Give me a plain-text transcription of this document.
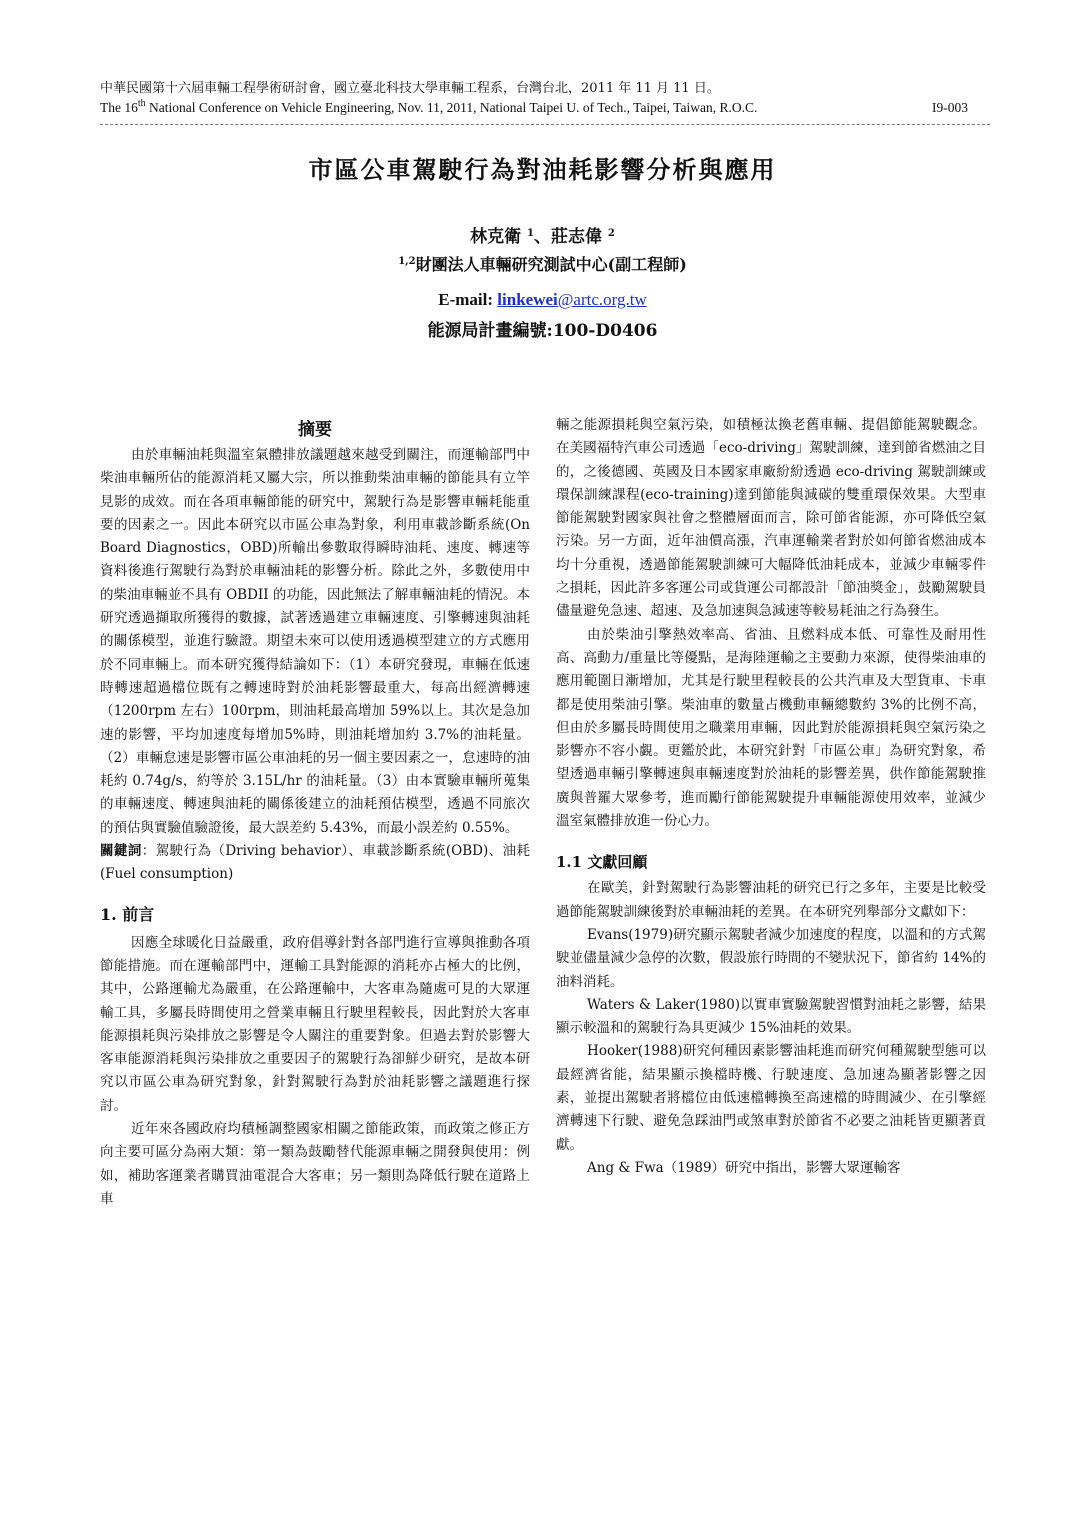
中華民國第十六屆車輛工程學術研討會，國立臺北科技大學車輛工程系，台灣台北，2011 年 11 月 11 日。
The 16th National Conference on Vehicle Engineering, Nov. 11, 2011, National Taipei U. of Tech., Taipei, Taiwan, R.O.C.	I9-003
市區公車駕駛行為對油耗影響分析與應用
林克衛 $^1$、莊志偉 $^2$
$^{1,2}$財團法人車輛研究測試中心(副工程師)
E-mail: linkewei@artc.org.tw
能源局計畫編號:100-D0406
摘要

由於車輛油耗與溫室氣體排放議題越來越受到關注，而運輸部門中柴油車輛所佔的能源消耗又屬大宗，所以推動柴油車輛的節能具有立竿見影的成效。而在各項車輛節能的研究中，駕駛行為是影響車輛耗能重要的因素之一。因此本研究以市區公車為對象，利用車載診斷系統(On Board Diagnostics，OBD)所輸出參數取得瞬時油耗、速度、轉速等資料後進行駕駛行為對於車輛油耗的影響分析。除此之外，多數使用中的柴油車輛並不具有 OBDII 的功能，因此無法了解車輛油耗的情況。本研究透過擷取所獲得的數據，試著透過建立車輛速度、引擎轉速與油耗的關係模型，並進行驗證。期望未來可以使用透過模型建立的方式應用於不同車輛上。而本研究獲得結論如下：（1）本研究發現，車輛在低速時轉速超過檔位既有之轉速時對於油耗影響最重大，每高出經濟轉速（1200rpm 左右）100rpm，則油耗最高增加 59%以上。其次是急加速的影響，平均加速度每增加5%時，則油耗增加約 3.7%的油耗量。（2）車輛怠速是影響市區公車油耗的另一個主要因素之一，怠速時的油耗約 0.74g/s，約等於 3.15L/hr 的油耗量。（3）由本實驗車輛所蒐集的車輛速度、轉速與油耗的關係後建立的油耗預估模型，透過不同旅次的預估與實驗值驗證後，最大誤差約 5.43%，而最小誤差約 0.55%。

關鍵詞：駕駛行為（Driving behavior）、車載診斷系統(OBD)、油耗(Fuel consumption)

1. 前言

因應全球暖化日益嚴重，政府倡導針對各部門進行宣導與推動各項節能措施。而在運輸部門中，運輸工具對能源的消耗亦占極大的比例，其中，公路運輸尤為嚴重，在公路運輸中，大客車為隨處可見的大眾運輸工具，多屬長時間使用之營業車輛且行駛里程較長，因此對於大客車能源損耗與污染排放之影響是令人關注的重要對象。但過去對於影響大客車能源消耗與污染排放之重要因子的駕駛行為卻鮮少研究，是故本研究以市區公車為研究對象，針對駕駛行為對於油耗影響之議題進行探討。

近年來各國政府均積極調整國家相關之節能政策，而政策之修正方向主要可區分為兩大類：第一類為鼓勵替代能源車輛之開發與使用：例如，補助客運業者購買油電混合大客車；另一類則為降低行駛在道路上車

輛之能源損耗與空氣污染，如積極汰換老舊車輛、提倡節能駕駛觀念。在美國福特汽車公司透過「eco-driving」駕駛訓練，達到節省燃油之目的，之後德國、英國及日本國家車廠紛紛透過 eco-driving 駕駛訓練或環保訓練課程(eco-training)達到節能與減碳的雙重環保效果。大型車節能駕駛對國家與社會之整體層面而言，除可節省能源，亦可降低空氣污染。另一方面，近年油價高漲，汽車運輸業者對於如何節省燃油成本均十分重視，透過節能駕駛訓練可大幅降低油耗成本，並減少車輛零件之損耗，因此許多客運公司或貨運公司都設計「節油獎金」，鼓勵駕駛員儘量避免急速、超速、及急加速與急減速等較易耗油之行為發生。

由於柴油引擎熱效率高、省油、且燃料成本低、可靠性及耐用性高、高動力/重量比等優點，是海陸運輸之主要動力來源，使得柴油車的應用範圍日漸增加，尤其是行駛里程較長的公共汽車及大型貨車、卡車都是使用柴油引擎。柴油車的數量占機動車輛總數約 3%的比例不高，但由於多屬長時間使用之職業用車輛，因此對於能源損耗與空氣污染之影響亦不容小覷。更鑑於此，本研究針對「市區公車」為研究對象，希望透過車輛引擎轉速與車輛速度對於油耗的影響差異，供作節能駕駛推廣與普羅大眾參考，進而勵行節能駕駛提升車輛能源使用效率，並減少溫室氣體排放進一份心力。

1.1 文獻回顧

在歐美，針對駕駛行為影響油耗的研究已行之多年，主要是比較受過節能駕駛訓練後對於車輛油耗的差異。在本研究列舉部分文獻如下：

Evans(1979)研究顯示駕駛者減少加速度的程度，以溫和的方式駕駛並儘量減少急停的次數，假設旅行時間的不變狀況下，節省約 14%的油料消耗。

Waters & Laker(1980)以實車實驗駕駛習慣對油耗之影響，結果顯示較溫和的駕駛行為具更減少 15%油耗的效果。

Hooker(1988)研究何種因素影響油耗進而研究何種駕駛型態可以最經濟省能，結果顯示換檔時機、行駛速度、急加速為顯著影響之因素，並提出駕駛者將檔位由低速檔轉換至高速檔的時間減少、在引擎經濟轉速下行駛、避免急踩油門或煞車對於節省不必要之油耗皆更顯著貢獻。

Ang & Fwa（1989）研究中指出，影響大眾運輸客
